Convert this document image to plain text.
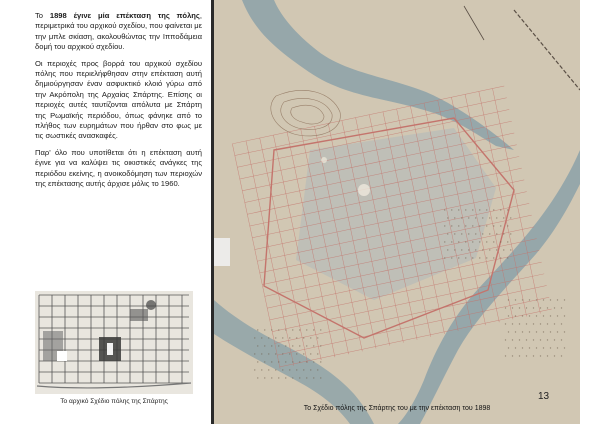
Το 1898 έγινε μία επέκταση της πόλης, περιμετρικά του αρχικού σχεδίου, που φαίνεται με την μπλε σκίαση, ακολουθώντας την Ιπποδάμεια δομή του αρχικού σχεδίου.

Οι περιοχές προς βορρά του αρχικού σχεδίου πόλης που περιελήφθησαν στην επέκταση αυτή δημιούργησαν έναν ασφυκτικό κλοιό γύρω από την Ακρόπολη της Αρχαίας Σπάρτης. Επίσης οι περιοχές αυτές ταυτίζονται απόλυτα με Σπάρτη της Ρωμαϊκής περιόδου, όπως φάνηκε από το πλήθος των ευρημάτων που ήρθαν στο φως με τις σωστικές ανασκαφές.

Παρ' όλο που υποτίθεται ότι η επέκταση αυτή έγινε για να καλύψει τις οικιστικές ανάγκες της περιόδου εκείνης, η ανοικοδόμηση των περιοχών της επέκτασης αυτής άρχισε μόλις το 1960.

Το αρχικό Σχέδιο πόλης της Σπάρτης	13
Το Σχέδιο πόλης της Σπάρτης του με την επέκταση του 1898
